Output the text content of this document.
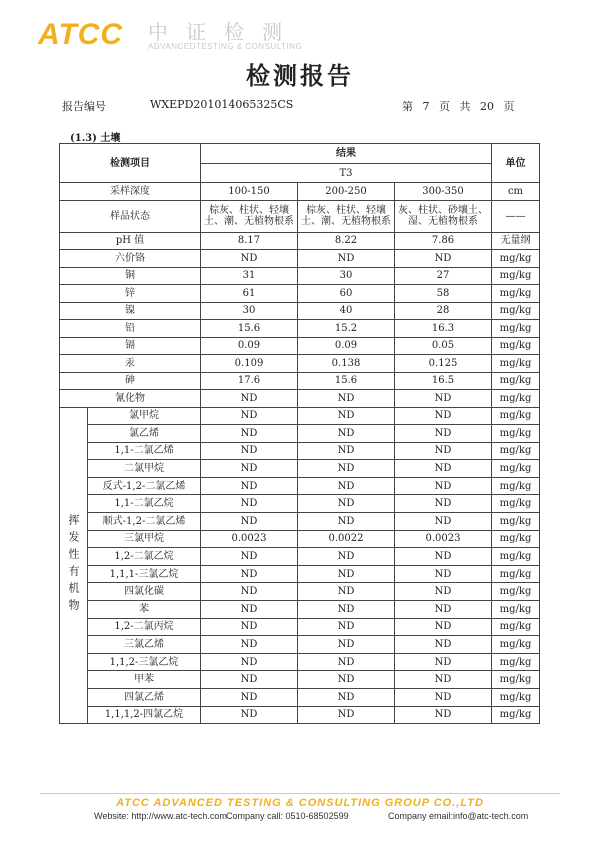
ATCC 中证检测
ADVANCEDTESTING & CONSULTING
检测报告
报告编号	WXEPD201014065325CS	第 7 页 共 20 页
(1.3) 土壤
检测项目		结果			单位
		T3			
采样深度		100-150	200-250	300-350	cm
样品状态		棕灰、柱状、轻壤土、潮、无植物根系	棕灰、柱状、轻壤土、潮、无植物根系	灰、柱状、砂壤土、湿、无植物根系	——
pH 值		8.17	8.22	7.86	无量纲
六价铬		ND	ND	ND	mg/kg
铜		31	30	27	mg/kg
锌		61	60	58	mg/kg
镍		30	40	28	mg/kg
铅		15.6	15.2	16.3	mg/kg
镉		0.09	0.09	0.05	mg/kg
汞		0.109	0.138	0.125	mg/kg
砷		17.6	15.6	16.5	mg/kg
氰化物		ND	ND	ND	mg/kg
挥发性有机物	氯甲烷	ND	ND	ND	mg/kg
	氯乙烯	ND	ND	ND	mg/kg
	1,1-二氯乙烯	ND	ND	ND	mg/kg
	二氯甲烷	ND	ND	ND	mg/kg
	反式-1,2-二氯乙烯	ND	ND	ND	mg/kg
	1,1-二氯乙烷	ND	ND	ND	mg/kg
	顺式-1,2-二氯乙烯	ND	ND	ND	mg/kg
	三氯甲烷	0.0023	0.0022	0.0023	mg/kg
	1,2-二氯乙烷	ND	ND	ND	mg/kg
	1,1,1-三氯乙烷	ND	ND	ND	mg/kg
	四氯化碳	ND	ND	ND	mg/kg
	苯	ND	ND	ND	mg/kg
	1,2-二氯丙烷	ND	ND	ND	mg/kg
	三氯乙烯	ND	ND	ND	mg/kg
	1,1,2-三氯乙烷	ND	ND	ND	mg/kg
	甲苯	ND	ND	ND	mg/kg
	四氯乙烯	ND	ND	ND	mg/kg
	1,1,1,2-四氯乙烷	ND	ND	ND	mg/kg
ATCC ADVANCED TESTING & CONSULTING GROUP CO.,LTD
Website: http://www.atc-tech.com Company call: 0510-68502599	Company email:info@atc-tech.com
